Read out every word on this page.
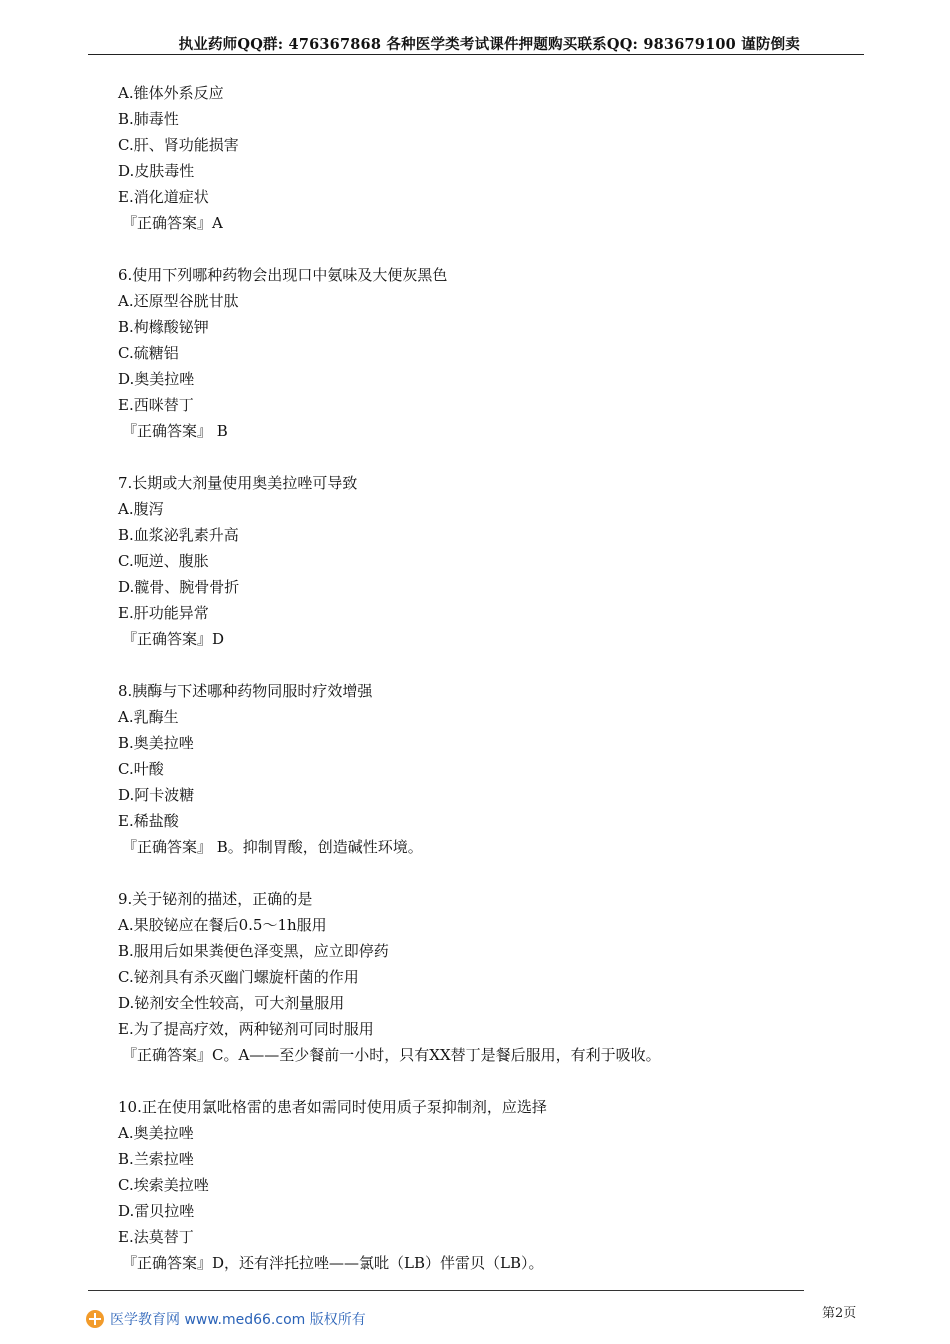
执业药师QQ群: 476367868 各种医学类考试课件押题购买联系QQ: 983679100 谨防倒卖
A.锥体外系反应
B.肺毒性
C.肝、肾功能损害
D.皮肤毒性
E.消化道症状
『正确答案』A
6.使用下列哪种药物会出现口中氨味及大便灰黑色
A.还原型谷胱甘肽
B.枸橼酸铋钾
C.硫糖铝
D.奥美拉唑
E.西咪替丁
『正确答案』 B
7.长期或大剂量使用奥美拉唑可导致
A.腹泻
B.血浆泌乳素升高
C.呃逆、腹胀
D.髋骨、腕骨骨折
E.肝功能异常
『正确答案』D
8.胰酶与下述哪种药物同服时疗效增强
A.乳酶生
B.奥美拉唑
C.叶酸
D.阿卡波糖
E.稀盐酸
『正确答案』 B。抑制胃酸，创造碱性环境。
9.关于铋剂的描述，正确的是
A.果胶铋应在餐后0.5～1h服用
B.服用后如果粪便色泽变黑，应立即停药
C.铋剂具有杀灭幽门螺旋杆菌的作用
D.铋剂安全性较高，可大剂量服用
E.为了提高疗效，两种铋剂可同时服用
『正确答案』C。A——至少餐前一小时，只有XX替丁是餐后服用，有利于吸收。
10.正在使用氯吡格雷的患者如需同时使用质子泵抑制剂，应选择
A.奥美拉唑
B.兰索拉唑
C.埃索美拉唑
D.雷贝拉唑
E.法莫替丁
『正确答案』D，还有泮托拉唑——氯吡（LB）伴雷贝（LB）。
医学教育网 www.med66.com 版权所有	第2页
